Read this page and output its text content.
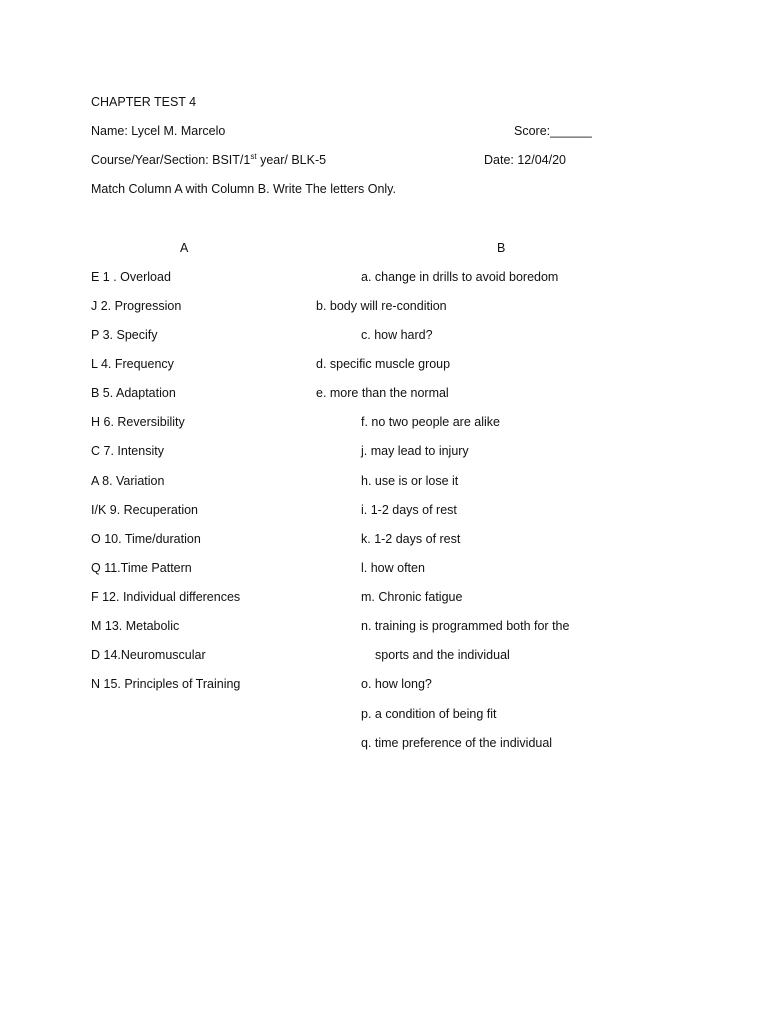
CHAPTER TEST 4
Name: Lycel M. Marcelo	Score:______
Course/Year/Section: BSIT/1st year/ BLK-5	Date: 12/04/20
Match Column A with Column B. Write The letters Only.
A	B
E 1 . Overload
J 2. Progression
P 3. Specify
L 4. Frequency
B 5. Adaptation
H 6. Reversibility
C 7. Intensity
A 8. Variation
I/K 9. Recuperation
O 10. Time/duration
Q 11.Time Pattern
F 12. Individual differences
M 13. Metabolic
D 14.Neuromuscular
N 15. Principles of Training
a. change in drills to avoid boredom
b. body will re-condition
c. how hard?
d. specific muscle group
e. more than the normal
f. no two people are alike
j. may lead to injury
h. use is or lose it
i. 1-2 days of rest
k. 1-2 days of rest
l. how often
m. Chronic fatigue
n. training is programmed both for the
sports and the individual
o. how long?
p. a condition of being fit
q. time preference of the individual
